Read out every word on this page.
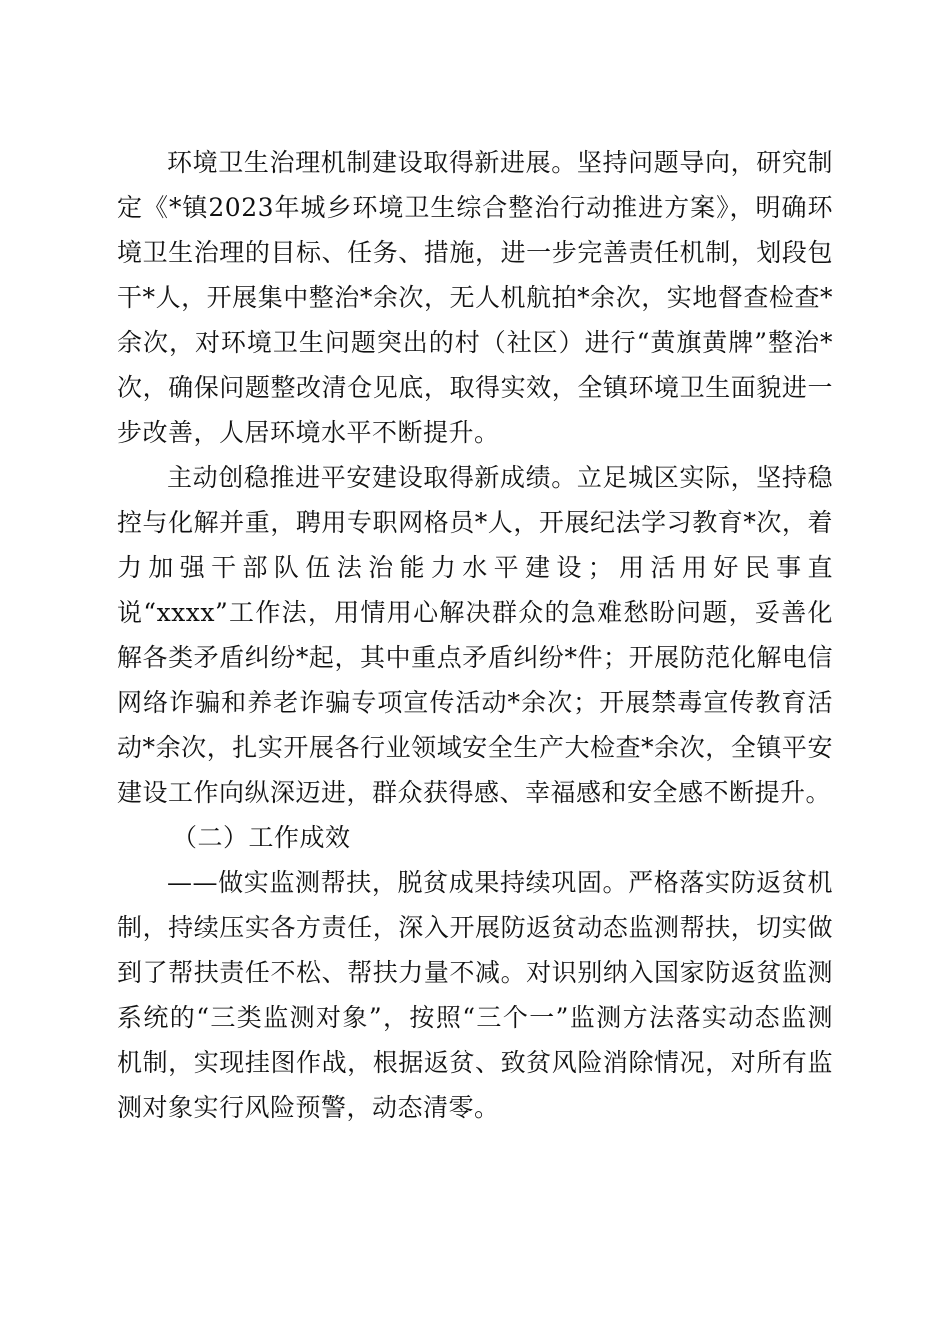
环境卫生治理机制建设取得新进展。坚持问题导向，研究制定《*镇2023年城乡环境卫生综合整治行动推进方案》，明确环境卫生治理的目标、任务、措施，进一步完善责任机制，划段包干*人，开展集中整治*余次，无人机航拍*余次，实地督查检查*余次，对环境卫生问题突出的村（社区）进行“黄旗黄牌”整治*次，确保问题整改清仓见底，取得实效，全镇环境卫生面貌进一步改善，人居环境水平不断提升。

主动创稳推进平安建设取得新成绩。立足城区实际，坚持稳控与化解并重，聘用专职网格员*人，开展纪法学习教育*次，着力加强干部队伍法治能力水平建设；用活用好民事直说“xxxx”工作法，用情用心解决群众的急难愁盼问题，妥善化解各类矛盾纠纷*起，其中重点矛盾纠纷*件；开展防范化解电信网络诈骗和养老诈骗专项宣传活动*余次；开展禁毒宣传教育活动*余次，扎实开展各行业领域安全生产大检查*余次，全镇平安建设工作向纵深迈进，群众获得感、幸福感和安全感不断提升。

（二）工作成效

——做实监测帮扶，脱贫成果持续巩固。严格落实防返贫机制，持续压实各方责任，深入开展防返贫动态监测帮扶，切实做到了帮扶责任不松、帮扶力量不减。对识别纳入国家防返贫监测系统的“三类监测对象”，按照“三个一”监测方法落实动态监测机制，实现挂图作战，根据返贫、致贫风险消除情况，对所有监测对象实行风险预警，动态清零。
